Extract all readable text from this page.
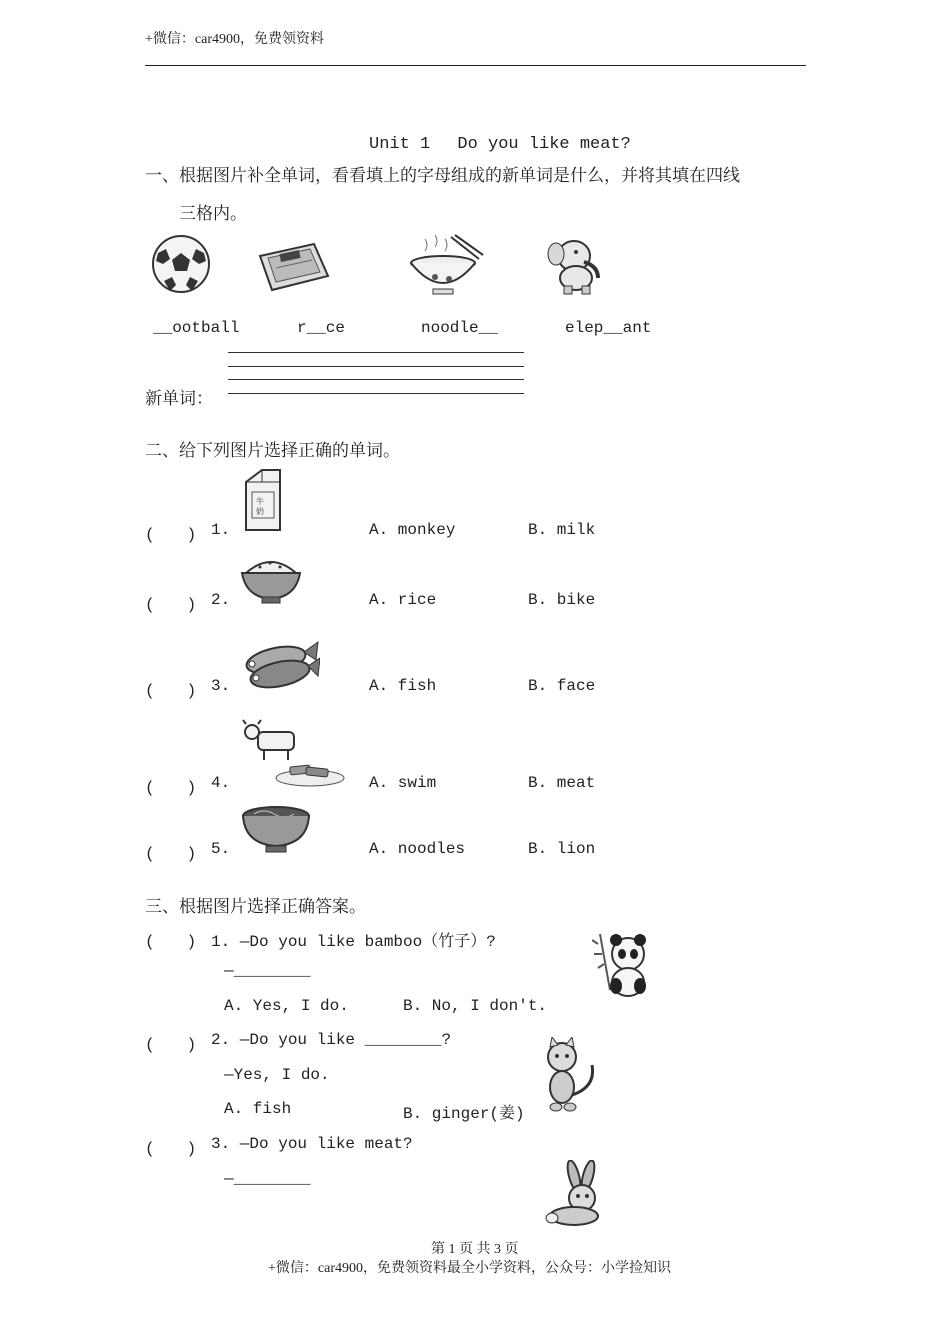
+微信：car4900，免费领资料
Unit 1　 Do you like meat?
一、根据图片补全单词，看看填上的字母组成的新单词是什么，并将其填在四线
三格内。
__ootball	r__ce	noodle__	elep__ant
新单词：
二、给下列图片选择正确的单词。
牛
奶
(　　) 1.	A. monkey	B. milk
(　　) 2.	A. rice	B. bike
(　　) 3.	A. fish	B. face
(　　) 4.	A. swim	B. meat
(　　) 5.	A. noodles	B. lion
三、根据图片选择正确答案。
(　　) 1. —Do you like bamboo（竹子）?
—________
A. Yes, I do.	B. No, I don't.
(　　) 2. —Do you like ________?
—Yes, I do.
A. fish	B. ginger(姜)
(　　) 3. —Do you like meat?
—________
第 1 页 共 3 页
+微信：car4900，免费领资料最全小学资料，公众号：小学捡知识
